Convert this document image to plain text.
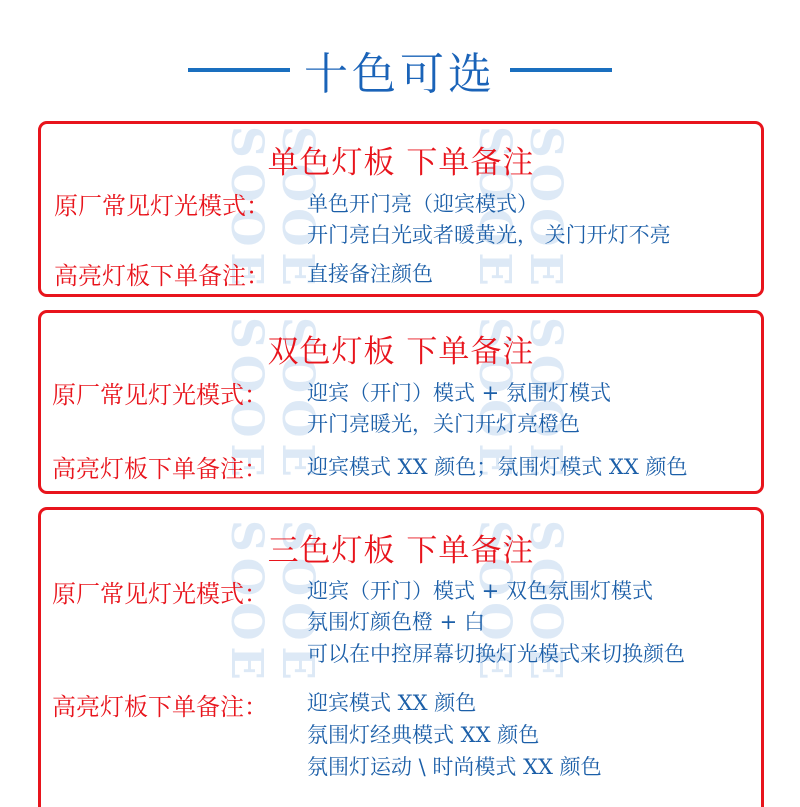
十色可选
SOOE SOOE	SOOE SOOE
单色灯板 下单备注
原厂常见灯光模式： 单色开门亮（迎宾模式）
开门亮白光或者暖黄光， 关门开灯不亮
高亮灯板下单备注： 直接备注颜色
SOOE SOOE	SOOE SOOE
双色灯板 下单备注
原厂常见灯光模式： 迎宾（开门）模式 + 氛围灯模式
开门亮暖光，关门开灯亮橙色
高亮灯板下单备注： 迎宾模式 XX 颜色；氛围灯模式 XX 颜色
SOOE SOOE	SOOE SOOE
三色灯板 下单备注
原厂常见灯光模式： 迎宾（开门）模式 + 双色氛围灯模式
氛围灯颜色橙 + 白
可以在中控屏幕切换灯光模式来切换颜色
高亮灯板下单备注： 迎宾模式 XX 颜色
氛围灯经典模式 XX 颜色
氛围灯运动 \ 时尚模式 XX 颜色
